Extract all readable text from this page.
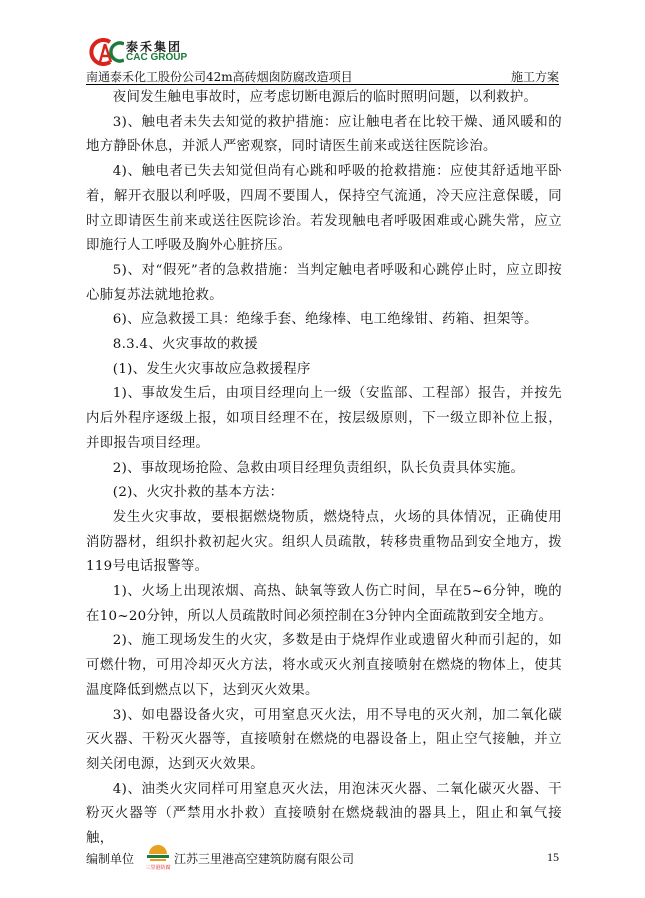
泰禾集团
CAC GROUP
南通泰禾化工股份公司42m高砖烟囱防腐改造项目	施工方案

夜间发生触电事故时，应考虑切断电源后的临时照明问题，以利救护。

3)、触电者未失去知觉的救护措施：应让触电者在比较干燥、通风暖和的地方静卧休息，并派人严密观察，同时请医生前来或送往医院诊治。

4)、触电者已失去知觉但尚有心跳和呼吸的抢救措施：应使其舒适地平卧着，解开衣服以利呼吸，四周不要围人，保持空气流通，冷天应注意保暖，同时立即请医生前来或送往医院诊治。若发现触电者呼吸困难或心跳失常，应立即施行人工呼吸及胸外心脏挤压。

5)、对“假死”者的急救措施：当判定触电者呼吸和心跳停止时，应立即按心肺复苏法就地抢救。

6)、应急救援工具：绝缘手套、绝缘棒、电工绝缘钳、药箱、担架等。

8.3.4、火灾事故的救援

(1)、发生火灾事故应急救援程序

1)、事故发生后，由项目经理向上一级（安监部、工程部）报告，并按先内后外程序逐级上报，如项目经理不在，按层级原则，下一级立即补位上报，并即报告项目经理。

2)、事故现场抢险、急救由项目经理负责组织，队长负责具体实施。

(2)、火灾扑救的基本方法：

发生火灾事故，要根据燃烧物质，燃烧特点，火场的具体情况，正确使用消防器材，组织扑救初起火灾。组织人员疏散，转移贵重物品到安全地方，拨119号电话报警等。

1)、火场上出现浓烟、高热、缺氧等致人伤亡时间，早在5~6分钟，晚的在10~20分钟，所以人员疏散时间必须控制在3分钟内全面疏散到安全地方。

2)、施工现场发生的火灾，多数是由于烧焊作业或遗留火种而引起的，如可燃什物，可用冷却灭火方法，将水或灭火剂直接喷射在燃烧的物体上，使其温度降低到燃点以下，达到灭火效果。

3)、如电器设备火灾，可用窒息灭火法，用不导电的灭火剂，加二氧化碳灭火器、干粉灭火器等，直接喷射在燃烧的电器设备上，阻止空气接触，并立刻关闭电源，达到灭火效果。

4)、油类火灾同样可用窒息灭火法，用泡沫灭火器、二氧化碳灭火器、干粉灭火器等（严禁用水扑救）直接喷射在燃烧载油的器具上，阻止和氧气接触，

编制单位
三里港防腐
江苏三里港高空建筑防腐有限公司	15
